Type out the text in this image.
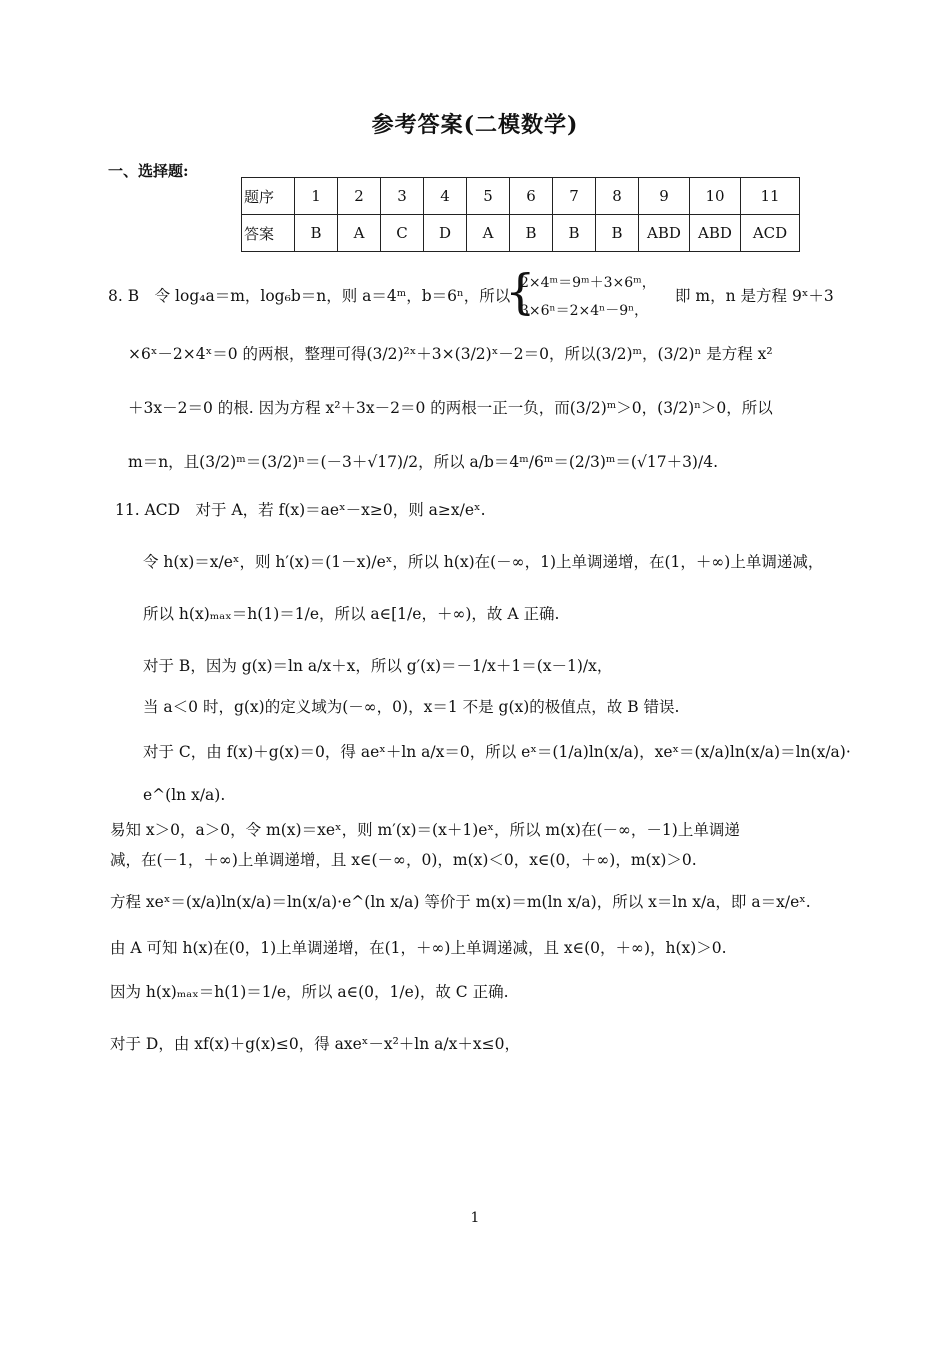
参考答案(二模数学)
一、选择题:
题序	1	2	3	4	5	6	7	8	9	10	11
答案	B	A	C	D	A	B	B	B	ABD	ABD	ACD
8. B　令 log₄a＝m，log₆b＝n，则 a＝4ᵐ，b＝6ⁿ，所以
{
2×4ᵐ＝9ᵐ＋3×6ᵐ，
3×6ⁿ＝2×4ⁿ－9ⁿ，
即 m，n 是方程 9ˣ＋3
×6ˣ－2×4ˣ＝0 的两根，整理可得(3/2)²ˣ＋3×(3/2)ˣ－2＝0，所以(3/2)ᵐ，(3/2)ⁿ 是方程 x²
＋3x－2＝0 的根. 因为方程 x²＋3x－2＝0 的两根一正一负，而(3/2)ᵐ＞0，(3/2)ⁿ＞0，所以
m＝n，且(3/2)ᵐ＝(3/2)ⁿ＝(－3＋√17)/2，所以 a/b＝4ᵐ/6ᵐ＝(2/3)ᵐ＝(√17＋3)/4.
11. ACD　对于 A，若 f(x)＝aeˣ－x≥0，则 a≥x/eˣ.
令 h(x)＝x/eˣ，则 h′(x)＝(1－x)/eˣ，所以 h(x)在(－∞，1)上单调递增，在(1，＋∞)上单调递减，
所以 h(x)ₘₐₓ＝h(1)＝1/e，所以 a∈[1/e，＋∞)，故 A 正确.
对于 B，因为 g(x)＝ln a/x＋x，所以 g′(x)＝－1/x＋1＝(x－1)/x，
当 a＜0 时，g(x)的定义域为(－∞，0)，x＝1 不是 g(x)的极值点，故 B 错误.
对于 C，由 f(x)＋g(x)＝0，得 aeˣ＋ln a/x＝0，所以 eˣ＝(1/a)ln(x/a)，xeˣ＝(x/a)ln(x/a)＝ln(x/a)·
e^(ln x/a).
易知 x＞0，a＞0，令 m(x)＝xeˣ，则 m′(x)＝(x＋1)eˣ，所以 m(x)在(－∞，－1)上单调递
减，在(－1，＋∞)上单调递增，且 x∈(－∞，0)，m(x)＜0，x∈(0，＋∞)，m(x)＞0.
方程 xeˣ＝(x/a)ln(x/a)＝ln(x/a)·e^(ln x/a) 等价于 m(x)＝m(ln x/a)，所以 x＝ln x/a，即 a＝x/eˣ.
由 A 可知 h(x)在(0，1)上单调递增，在(1，＋∞)上单调递减，且 x∈(0，＋∞)，h(x)＞0.
因为 h(x)ₘₐₓ＝h(1)＝1/e，所以 a∈(0，1/e)，故 C 正确.
对于 D，由 xf(x)＋g(x)≤0，得 axeˣ－x²＋ln a/x＋x≤0，
1
